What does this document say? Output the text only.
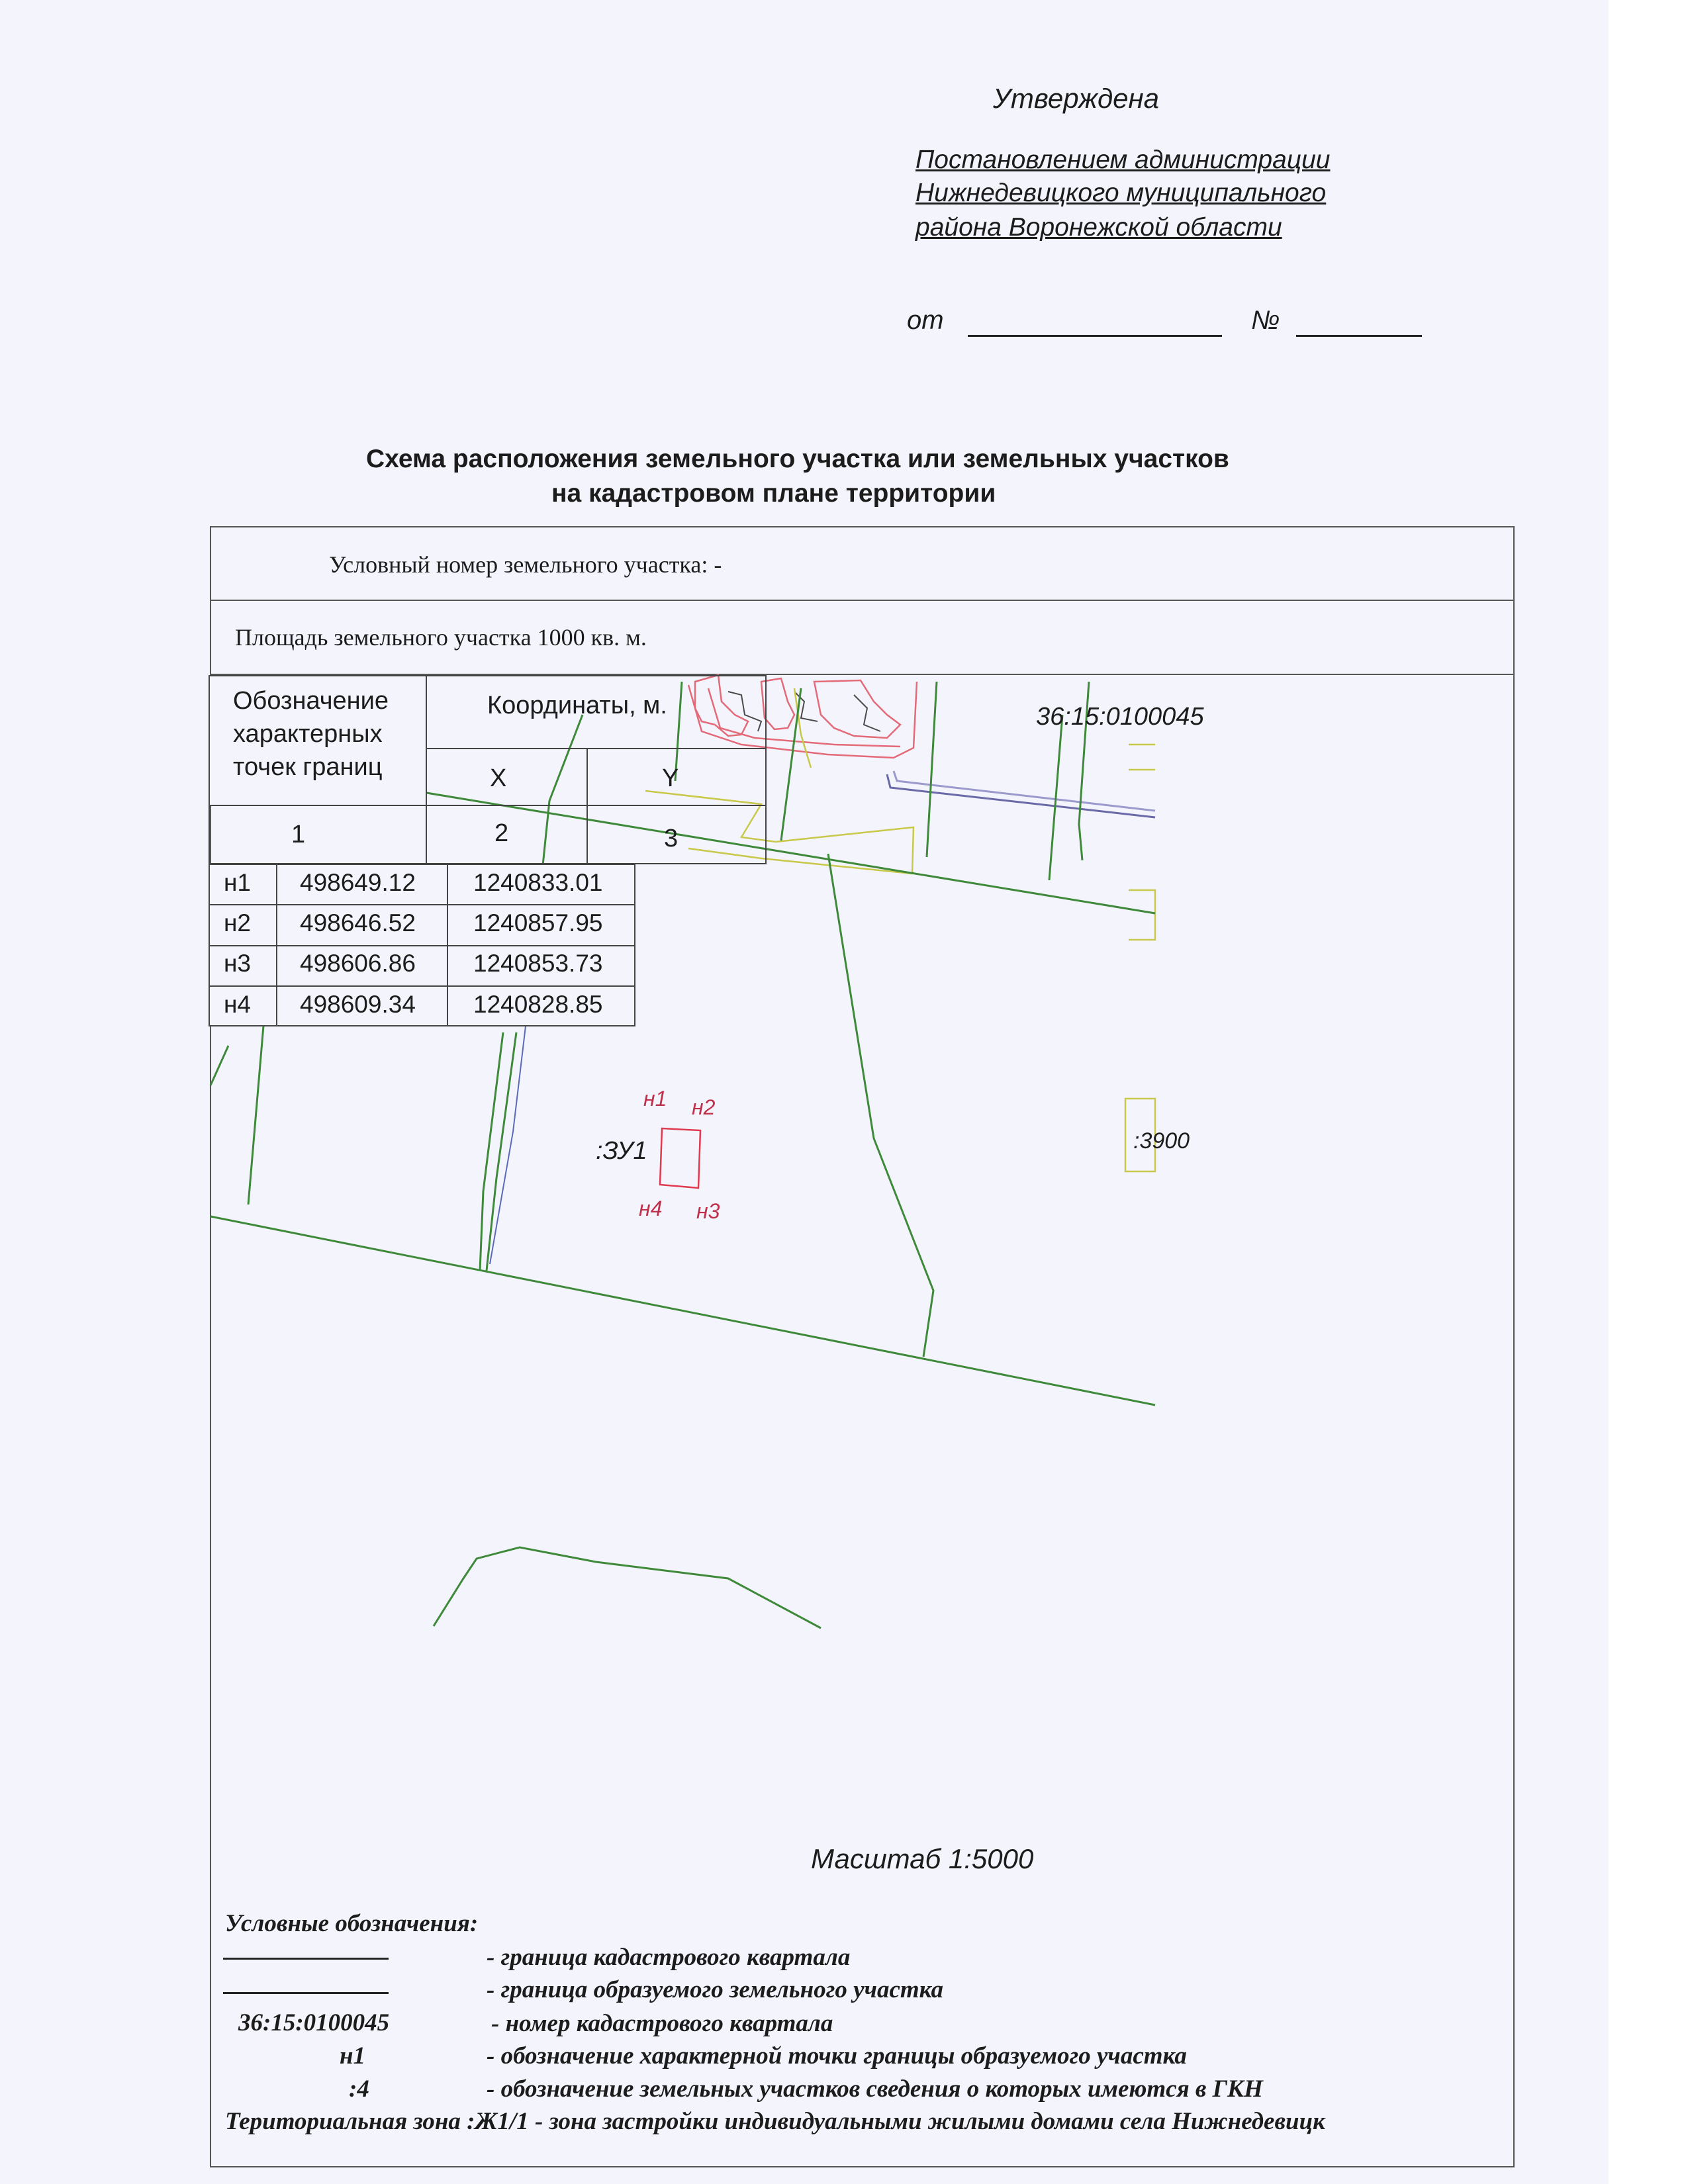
Утверждена
Постановлением администрации
Нижнедевицкого муниципального
района Воронежской области
от	№
Схема расположения земельного участка или земельных участков
на кадастровом плане территории
Условный номер земельного участка: -
Площадь земельного участка 1000 кв. м.
Обозначение
характерных
точек границ
Координаты, м.
X	Y
1	2	3
н1 498649.12 1240833.01
н2 498646.52 1240857.95
н3 498606.86 1240853.73
н4 498609.34 1240828.85
36:15:0100045
:ЗУ1
н1 н2
н3
н4
:3900
Масштаб 1:5000
Условные обозначения:
- граница кадастрового квартала
- граница образуемого земельного участка
36:15:0100045	- номер кадастрового квартала
н1	- обозначение характерной точки границы образуемого участка
:4	- обозначение земельных участков сведения о которых имеются в ГКН
Териториальная зона :Ж1/1 - зона застройки индивидуальными жилыми домами села Нижнедевицк
